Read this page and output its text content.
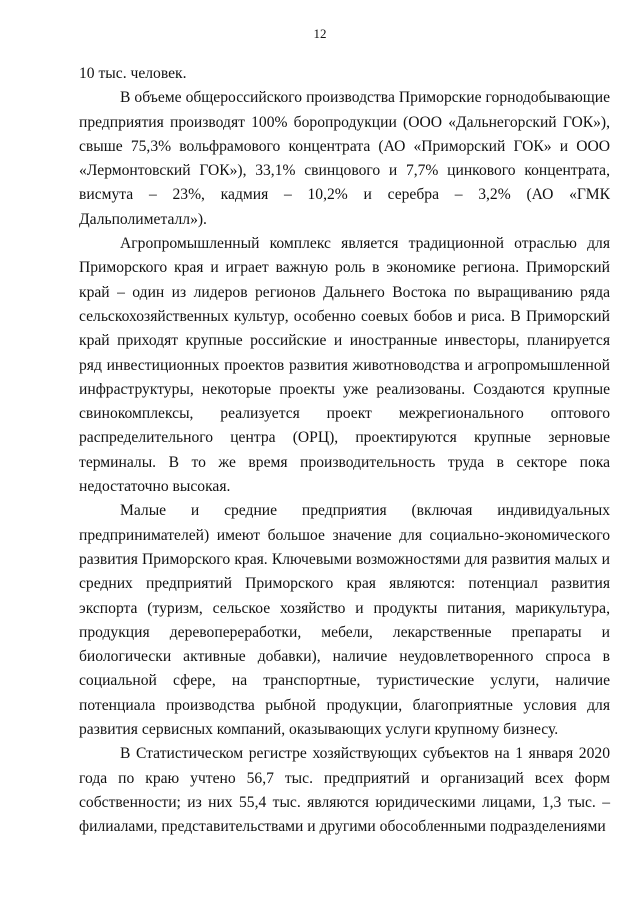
12

10 тыс. человек.

В объеме общероссийского производства Приморские горнодобывающие предприятия производят 100% боропродукции (ООО «Дальнегорский ГОК»), свыше 75,3% вольфрамового концентрата (АО «Приморский ГОК» и ООО «Лермонтовский ГОК»), 33,1% свинцового и 7,7% цинкового концентрата, висмута – 23%, кадмия – 10,2% и серебра – 3,2% (АО «ГМК Дальполиметалл»).

Агропромышленный комплекс является традиционной отраслью для Приморского края и играет важную роль в экономике региона. Приморский край – один из лидеров регионов Дальнего Востока по выращиванию ряда сельскохозяйственных культур, особенно соевых бобов и риса. В Приморский край приходят крупные российские и иностранные инвесторы, планируется ряд инвестиционных проектов развития животноводства и агропромышленной инфраструктуры, некоторые проекты уже реализованы. Создаются крупные свинокомплексы, реализуется проект межрегионального оптового распределительного центра (ОРЦ), проектируются крупные зерновые терминалы. В то же время производительность труда в секторе пока недостаточно высокая.

Малые и средние предприятия (включая индивидуальных предпринимателей) имеют большое значение для социально-экономического развития Приморского края. Ключевыми возможностями для развития малых и средних предприятий Приморского края являются: потенциал развития экспорта (туризм, сельское хозяйство и продукты питания, марикультура, продукция деревопереработки, мебели, лекарственные препараты и биологически активные добавки), наличие неудовлетворенного спроса в социальной сфере, на транспортные, туристические услуги, наличие потенциала производства рыбной продукции, благоприятные условия для развития сервисных компаний, оказывающих услуги крупному бизнесу.

В Статистическом регистре хозяйствующих субъектов на 1 января 2020 года по краю учтено 56,7 тыс. предприятий и организаций всех форм собственности; из них 55,4 тыс. являются юридическими лицами, 1,3 тыс. – филиалами, представительствами и другими обособленными подразделениями
